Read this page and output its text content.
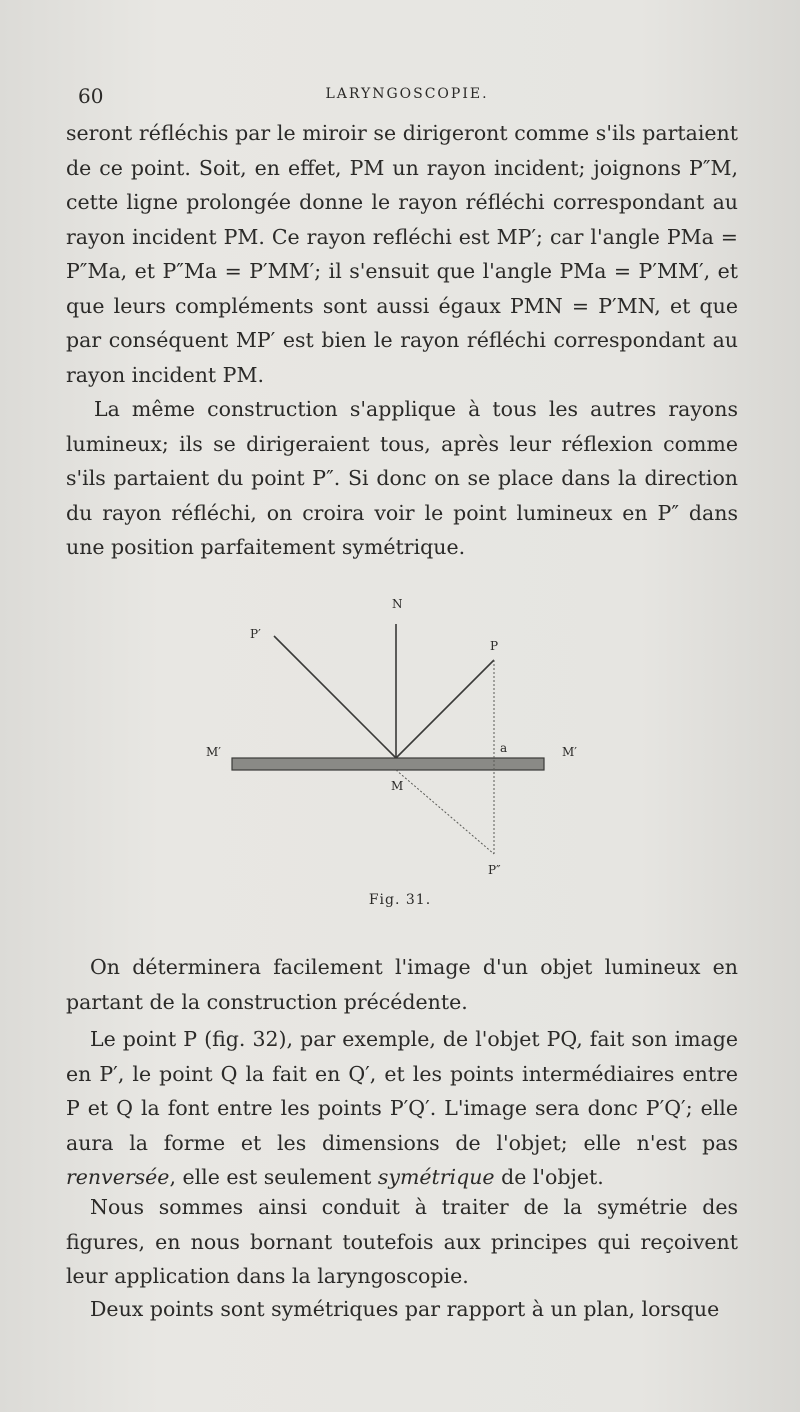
60	LARYNGOSCOPIE.

seront réfléchis par le miroir se dirigeront comme s'ils partaient de ce point. Soit, en effet, PM un rayon incident; joignons P″M, cette ligne prolongée donne le rayon réfléchi correspondant au rayon incident PM. Ce rayon refléchi est MP′; car l'angle PMa = P″Ma, et P″Ma = P′MM′; il s'ensuit que l'angle PMa = P′MM′, et que leurs compléments sont aussi égaux PMN = P′MN, et que par conséquent MP′ est bien le rayon réfléchi correspondant au rayon incident PM.

La même construction s'applique à tous les autres rayons lumineux; ils se dirigeraient tous, après leur réflexion comme s'ils partaient du point P″. Si donc on se place dans la direction du rayon réfléchi, on croira voir le point lumineux en P″ dans une position parfaitement symétrique.

N
P′
P
M′	M′
a
M
P″
Fig. 31.

On déterminera facilement l'image d'un objet lumineux en partant de la construction précédente.

Le point P (fig. 32), par exemple, de l'objet PQ, fait son image en P′, le point Q la fait en Q′, et les points intermédiaires entre P et Q la font entre les points P′Q′. L'image sera donc P′Q′; elle aura la forme et les dimensions de l'objet; elle n'est pas renversée, elle est seulement symétrique de l'objet.

Nous sommes ainsi conduit à traiter de la symétrie des figures, en nous bornant toutefois aux principes qui reçoivent leur application dans la laryngoscopie.

Deux points sont symétriques par rapport à un plan, lorsque
